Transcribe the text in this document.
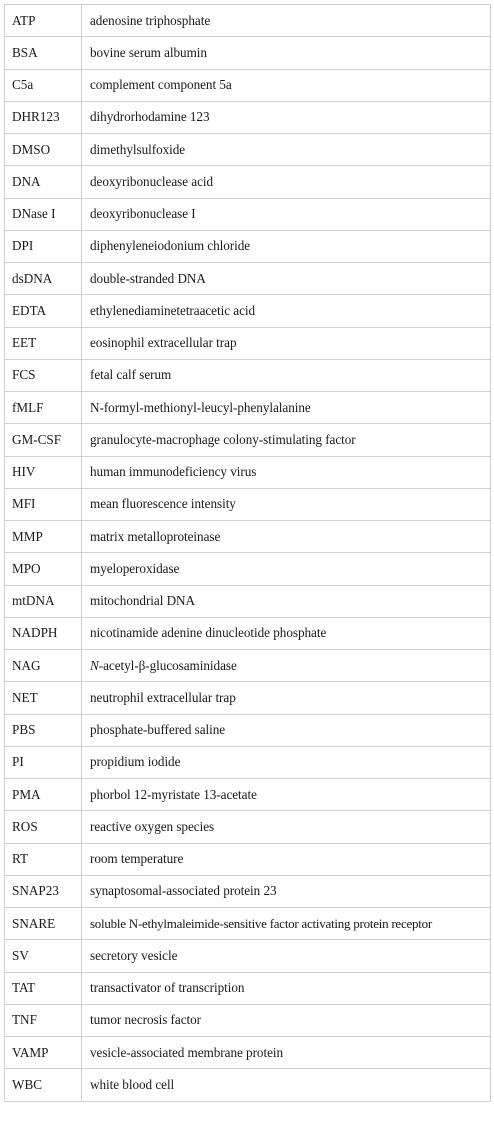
ATP	adenosine triphosphate
BSA	bovine serum albumin
C5a	complement component 5a
DHR123	dihydrorhodamine 123
DMSO	dimethylsulfoxide
DNA	deoxyribonuclease acid
DNase I	deoxyribonuclease I
DPI	diphenyleneiodonium chloride
dsDNA	double-stranded DNA
EDTA	ethylenediaminetetraacetic acid
EET	eosinophil extracellular trap
FCS	fetal calf serum
fMLF	N-formyl-methionyl-leucyl-phenylalanine
GM-CSF	granulocyte-macrophage colony-stimulating factor
HIV	human immunodeficiency virus
MFI	mean fluorescence intensity
MMP	matrix metalloproteinase
MPO	myeloperoxidase
mtDNA	mitochondrial DNA
NADPH	nicotinamide adenine dinucleotide phosphate
NAG	N-acetyl-β-glucosaminidase
NET	neutrophil extracellular trap
PBS	phosphate-buffered saline
PI	propidium iodide
PMA	phorbol 12-myristate 13-acetate
ROS	reactive oxygen species
RT	room temperature
SNAP23	synaptosomal-associated protein 23
SNARE	soluble N-ethylmaleimide-sensitive factor activating protein receptor
SV	secretory vesicle
TAT	transactivator of transcription
TNF	tumor necrosis factor
VAMP	vesicle-associated membrane protein
WBC	white blood cell
